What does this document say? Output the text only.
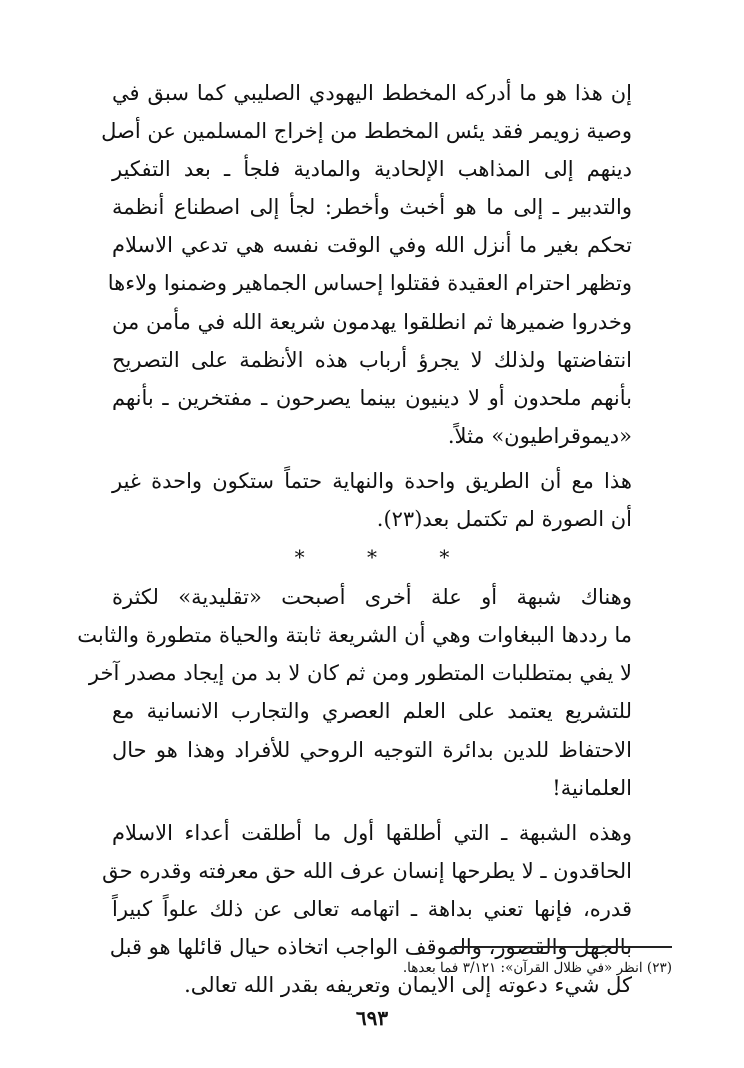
إن هذا هو ما أدركه المخطط اليهودي الصليبي كما سبق في
وصية زويمر فقد يئس المخطط من إخراج المسلمين عن أصل
دينهم إلى المذاهب الإلحادية والمادية فلجأ ـ بعد التفكير
والتدبير ـ إلى ما هو أخبث وأخطر: لجأ إلى اصطناع أنظمة
تحكم بغير ما أنزل الله وفي الوقت نفسه هي تدعي الاسلام
وتظهر احترام العقيدة فقتلوا إحساس الجماهير وضمنوا ولاءها
وخدروا ضميرها ثم انطلقوا يهدمون شريعة الله في مأمن من
انتفاضتها ولذلك لا يجرؤ أرباب هذه الأنظمة على التصريح
بأنهم ملحدون أو لا دينيون بينما يصرحون ـ مفتخرين ـ بأنهم
«ديموقراطيون» مثلاً.
هذا مع أن الطريق واحدة والنهاية حتماً ستكون واحدة غير
أن الصورة لم تكتمل بعد(٢٣).
* * *
وهناك شبهة أو علة أخرى أصبحت «تقليدية» لكثرة
ما رددها الببغاوات وهي أن الشريعة ثابتة والحياة متطورة والثابت
لا يفي بمتطلبات المتطور ومن ثم كان لا بد من إيجاد مصدر آخر
للتشريع يعتمد على العلم العصري والتجارب الانسانية مع
الاحتفاظ للدين بدائرة التوجيه الروحي للأفراد وهذا هو حال
العلمانية!
وهذه الشبهة ـ التي أطلقها أول ما أطلقت أعداء الاسلام
الحاقدون ـ لا يطرحها إنسان عرف الله حق معرفته وقدره حق
قدره، فإنها تعني بداهة ـ اتهامه تعالى عن ذلك علواً كبيراً
بالجهل والقصور، والموقف الواجب اتخاذه حيال قائلها هو قبل
كل شيء دعوته إلى الايمان وتعريفه بقدر الله تعالى.
(٢٣) انظر «في ظلال القرآن»: ٣/١٢١ فما بعدها.
٦٩٣
